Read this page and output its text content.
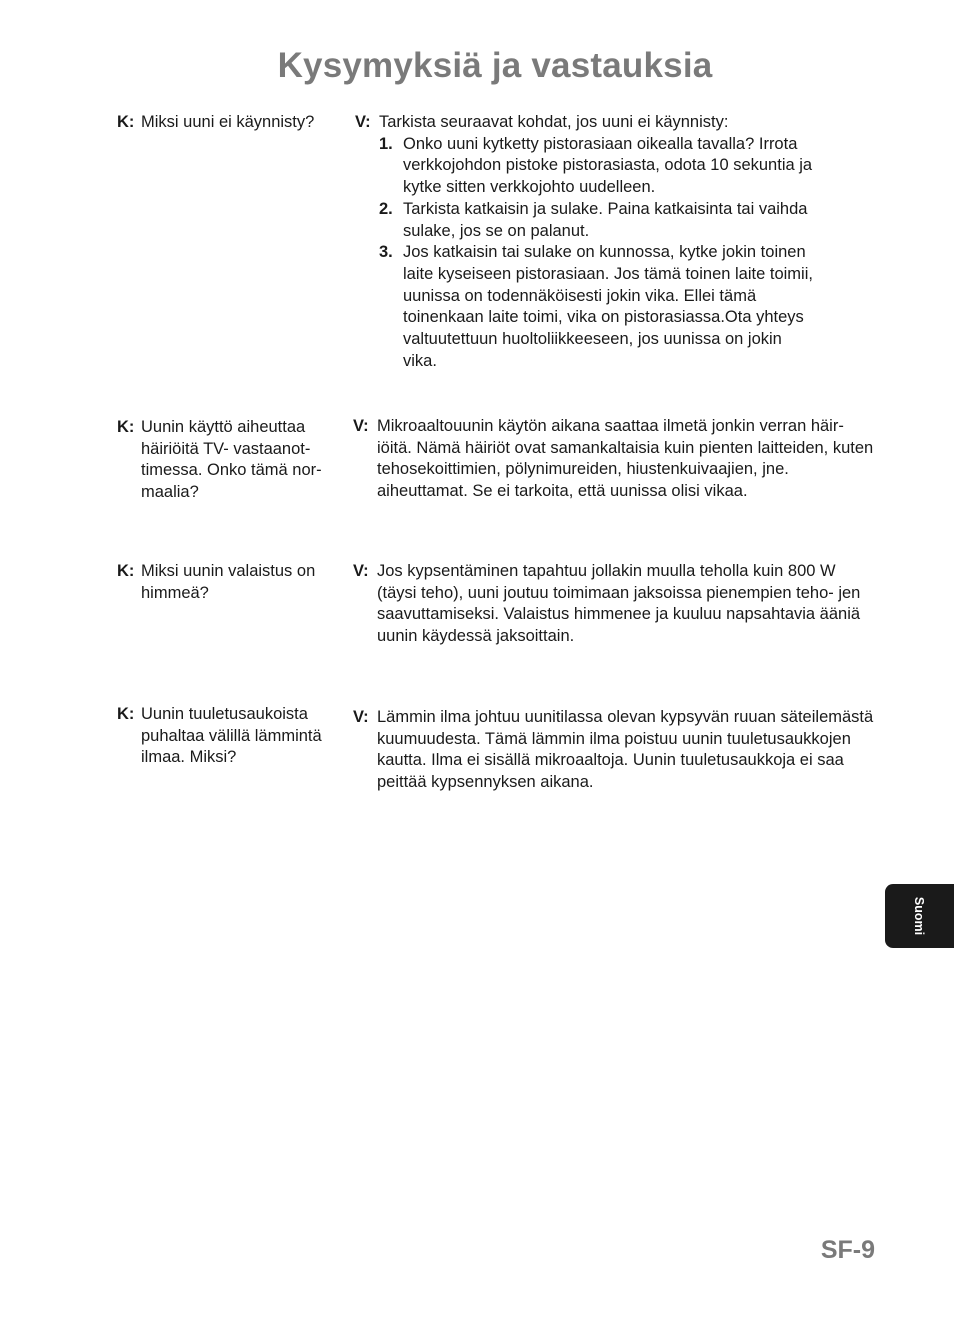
Kysymyksiä ja vastauksia
K: Miksi uuni ei käynnisty?	V: Tarkista seuraavat kohdat, jos uuni ei käynnisty:
1. Onko uuni kytketty pistorasiaan oikealla tavalla? Irrota verkkojohdon pistoke pistorasiasta, odota 10 sekuntia ja kytke sitten verkkojohto uudelleen.
2. Tarkista katkaisin ja sulake. Paina katkaisinta tai vaihda sulake, jos se on palanut.
3. Jos katkaisin tai sulake on kunnossa, kytke jokin toinen laite kyseiseen pistorasiaan. Jos tämä toinen laite toimii, uunissa on todennäköisesti jokin vika. Ellei tämä toinenkaan laite toimi, vika on pistorasiassa.Ota yhteys valtuutettuun huoltoliikkeeseen, jos uunissa on jokin vika.
K: Uunin käyttö aiheuttaa häiriöitä TV- vastaanot- timessa. Onko tämä nor- maalia?
V: Mikroaaltouunin käytön aikana saattaa ilmetä jonkin verran häir- iöitä. Nämä häiriöt ovat samankaltaisia kuin pienten laitteiden, kuten tehosekoittimien, pölynimureiden, hiustenkuivaajien, jne. aiheuttamat. Se ei tarkoita, että uunissa olisi vikaa.
K: Miksi uunin valaistus on himmeä?
V: Jos kypsentäminen tapahtuu jollakin muulla teholla kuin 800 W (täysi teho), uuni joutuu toimimaan jaksoissa pienempien teho- jen saavuttamiseksi. Valaistus himmenee ja kuuluu napsahtavia ääniä uunin käydessä jaksoittain.
K: Uunin tuuletusaukoista puhaltaa välillä lämmintä ilmaa. Miksi?
V: Lämmin ilma johtuu uunitilassa olevan kypsyvän ruuan säteilemästä kuumuudesta. Tämä lämmin ilma poistuu uunin tuuletusaukkojen kautta. Ilma ei sisällä mikroaaltoja. Uunin tuuletusaukkoja ei saa peittää kypsennyksen aikana.
Suomi
SF-9
